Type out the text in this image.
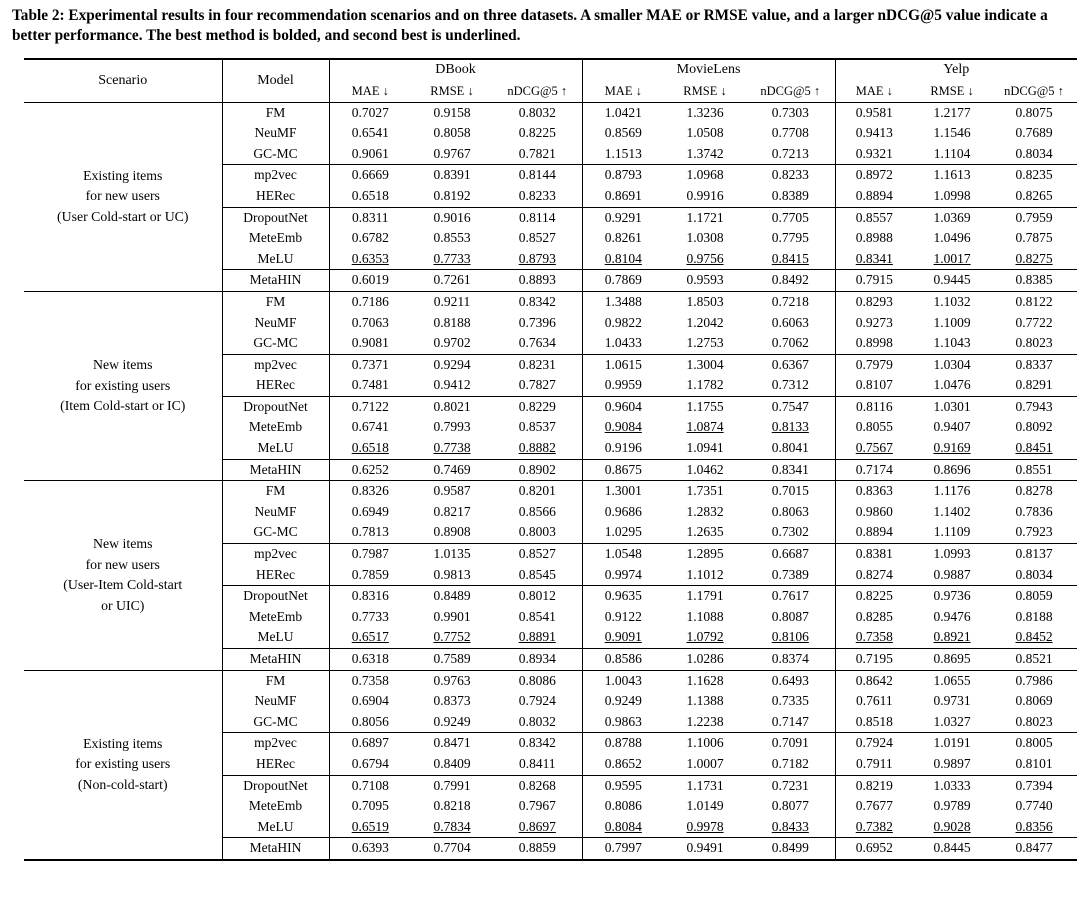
Table 2: Experimental results in four recommendation scenarios and on three datasets. A smaller MAE or RMSE value, and a larger nDCG@5 value indicate a better performance. The best method is bolded, and second best is underlined.
Scenario	Model	DBook			MovieLens			Yelp		
		MAE ↓	RMSE ↓	nDCG@5 ↑	MAE ↓	RMSE ↓	nDCG@5 ↑	MAE ↓	RMSE ↓	nDCG@5 ↑

Existing items
for new users
(User Cold-start or UC)	FM	0.7027	0.9158	0.8032	1.0421	1.3236	0.7303	0.9581	1.2177	0.8075
	NeuMF	0.6541	0.8058	0.8225	0.8569	1.0508	0.7708	0.9413	1.1546	0.7689
	GC-MC	0.9061	0.9767	0.7821	1.1513	1.3742	0.7213	0.9321	1.1104	0.8034
	mp2vec	0.6669	0.8391	0.8144	0.8793	1.0968	0.8233	0.8972	1.1613	0.8235
	HERec	0.6518	0.8192	0.8233	0.8691	0.9916	0.8389	0.8894	1.0998	0.8265
	DropoutNet	0.8311	0.9016	0.8114	0.9291	1.1721	0.7705	0.8557	1.0369	0.7959
	MeteEmb	0.6782	0.8553	0.8527	0.8261	1.0308	0.7795	0.8988	1.0496	0.7875
	MeLU	0.6353	0.7733	0.8793	0.8104	0.9756	0.8415	0.8341	1.0017	0.8275
	MetaHIN	0.6019	0.7261	0.8893	0.7869	0.9593	0.8492	0.7915	0.9445	0.8385

New items
for existing users
(Item Cold-start or IC)	FM	0.7186	0.9211	0.8342	1.3488	1.8503	0.7218	0.8293	1.1032	0.8122
	NeuMF	0.7063	0.8188	0.7396	0.9822	1.2042	0.6063	0.9273	1.1009	0.7722
	GC-MC	0.9081	0.9702	0.7634	1.0433	1.2753	0.7062	0.8998	1.1043	0.8023
	mp2vec	0.7371	0.9294	0.8231	1.0615	1.3004	0.6367	0.7979	1.0304	0.8337
	HERec	0.7481	0.9412	0.7827	0.9959	1.1782	0.7312	0.8107	1.0476	0.8291
	DropoutNet	0.7122	0.8021	0.8229	0.9604	1.1755	0.7547	0.8116	1.0301	0.7943
	MeteEmb	0.6741	0.7993	0.8537	0.9084	1.0874	0.8133	0.8055	0.9407	0.8092
	MeLU	0.6518	0.7738	0.8882	0.9196	1.0941	0.8041	0.7567	0.9169	0.8451
	MetaHIN	0.6252	0.7469	0.8902	0.8675	1.0462	0.8341	0.7174	0.8696	0.8551

New items
for new users
(User-Item Cold-start
or UIC)	FM	0.8326	0.9587	0.8201	1.3001	1.7351	0.7015	0.8363	1.1176	0.8278
	NeuMF	0.6949	0.8217	0.8566	0.9686	1.2832	0.8063	0.9860	1.1402	0.7836
	GC-MC	0.7813	0.8908	0.8003	1.0295	1.2635	0.7302	0.8894	1.1109	0.7923
	mp2vec	0.7987	1.0135	0.8527	1.0548	1.2895	0.6687	0.8381	1.0993	0.8137
	HERec	0.7859	0.9813	0.8545	0.9974	1.1012	0.7389	0.8274	0.9887	0.8034
	DropoutNet	0.8316	0.8489	0.8012	0.9635	1.1791	0.7617	0.8225	0.9736	0.8059
	MeteEmb	0.7733	0.9901	0.8541	0.9122	1.1088	0.8087	0.8285	0.9476	0.8188
	MeLU	0.6517	0.7752	0.8891	0.9091	1.0792	0.8106	0.7358	0.8921	0.8452
	MetaHIN	0.6318	0.7589	0.8934	0.8586	1.0286	0.8374	0.7195	0.8695	0.8521

Existing items
for existing users
(Non-cold-start)	FM	0.7358	0.9763	0.8086	1.0043	1.1628	0.6493	0.8642	1.0655	0.7986
	NeuMF	0.6904	0.8373	0.7924	0.9249	1.1388	0.7335	0.7611	0.9731	0.8069
	GC-MC	0.8056	0.9249	0.8032	0.9863	1.2238	0.7147	0.8518	1.0327	0.8023
	mp2vec	0.6897	0.8471	0.8342	0.8788	1.1006	0.7091	0.7924	1.0191	0.8005
	HERec	0.6794	0.8409	0.8411	0.8652	1.0007	0.7182	0.7911	0.9897	0.8101
	DropoutNet	0.7108	0.7991	0.8268	0.9595	1.1731	0.7231	0.8219	1.0333	0.7394
	MeteEmb	0.7095	0.8218	0.7967	0.8086	1.0149	0.8077	0.7677	0.9789	0.7740
	MeLU	0.6519	0.7834	0.8697	0.8084	0.9978	0.8433	0.7382	0.9028	0.8356
	MetaHIN	0.6393	0.7704	0.8859	0.7997	0.9491	0.8499	0.6952	0.8445	0.8477
